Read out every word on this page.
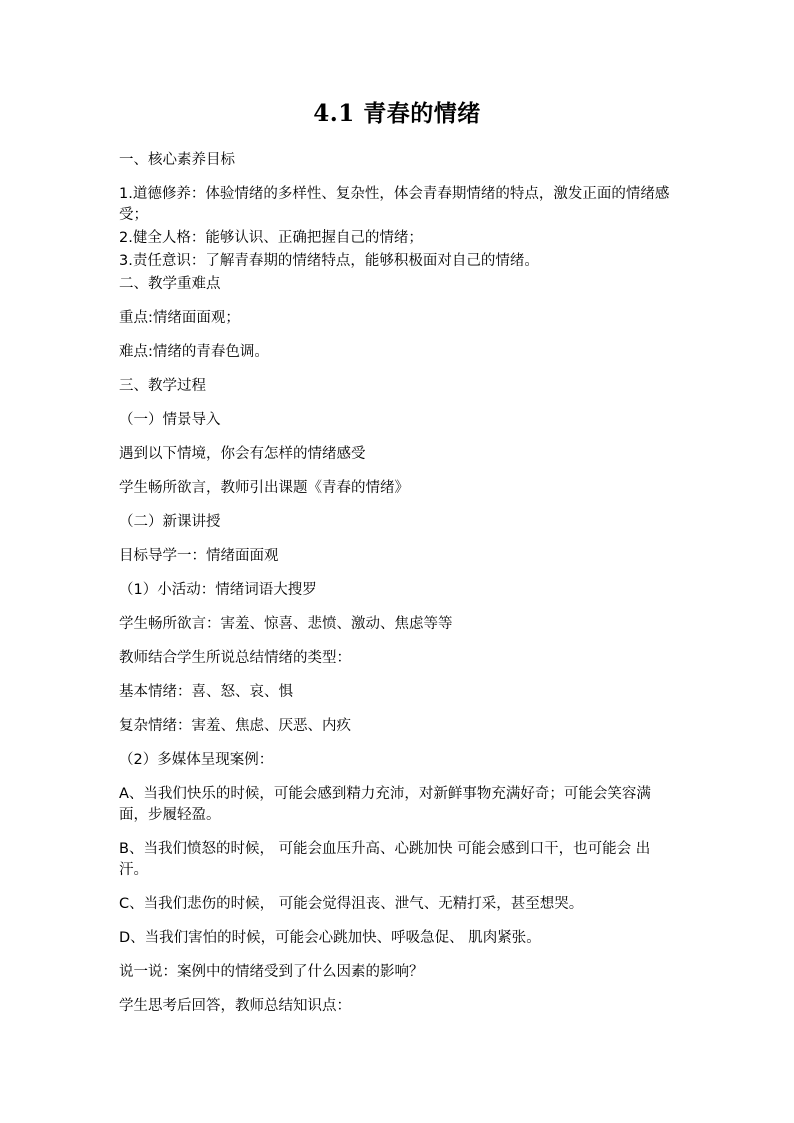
4.1 青春的情绪

一、核心素养目标

1.道德修养：体验情绪的多样性、复杂性，体会青春期情绪的特点，激发正面的情绪感受；

2.健全人格：能够认识、正确把握自己的情绪；

3.责任意识：了解青春期的情绪特点，能够积极面对自己的情绪。

二、教学重难点

重点:情绪面面观；

难点:情绪的青春色调。

三、教学过程

（一）情景导入

遇到以下情境，你会有怎样的情绪感受

学生畅所欲言，教师引出课题《青春的情绪》

（二）新课讲授

目标导学一：情绪面面观

（1）小活动：情绪词语大搜罗

学生畅所欲言：害羞、惊喜、悲愤、激动、焦虑等等

教师结合学生所说总结情绪的类型：

基本情绪：喜、怒、哀、惧

复杂情绪：害羞、焦虑、厌恶、内疚

（2）多媒体呈现案例：

A、当我们快乐的时候，可能会感到精力充沛，对新鲜事物充满好奇；可能会笑容满面，步履轻盈。

B、当我们愤怒的时候， 可能会血压升高、心跳加快 可能会感到口干，也可能会 出汗。

C、当我们悲伤的时候， 可能会觉得沮丧、泄气、无精打采，甚至想哭。

D、当我们害怕的时候，可能会心跳加快、呼吸急促、 肌肉紧张。

说一说：案例中的情绪受到了什么因素的影响？

学生思考后回答，教师总结知识点：
